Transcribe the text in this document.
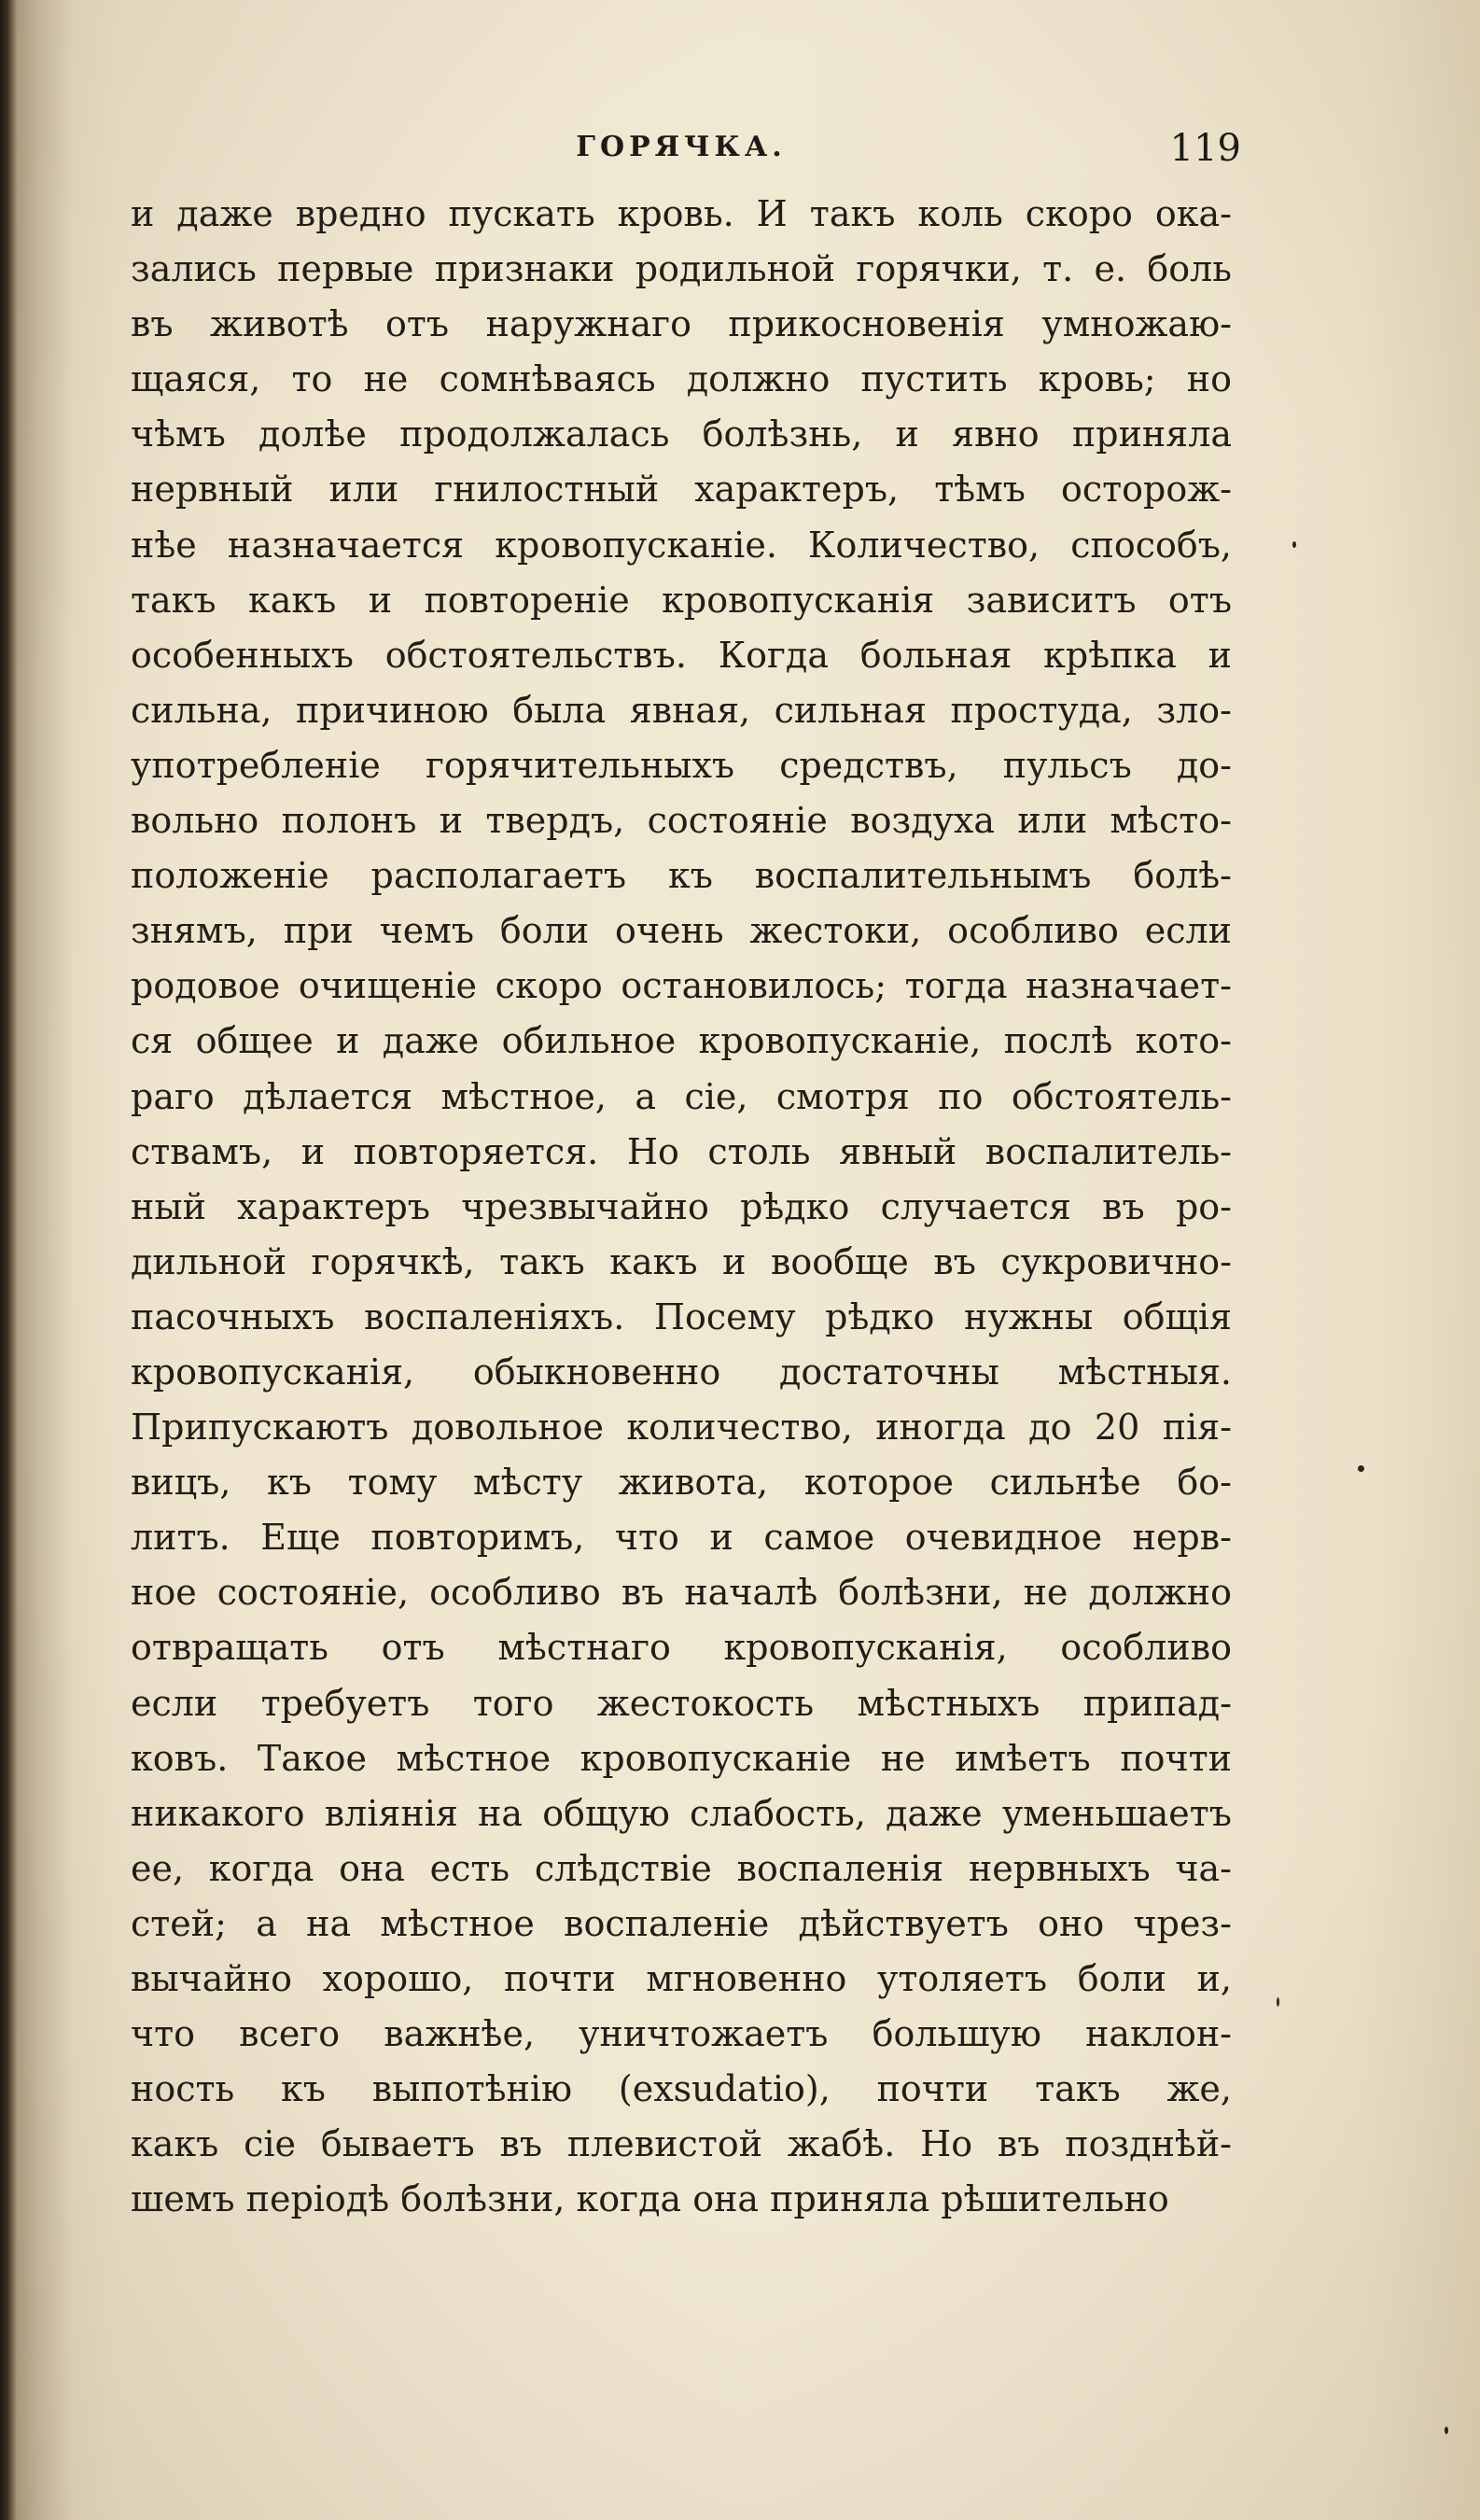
ГОРЯЧКА.	119
и даже вредно пускать кровь. И такъ коль скоро ока-
зались первые признаки родильной горячки, т. е. боль
въ животѣ отъ наружнаго прикосновенія умножаю-
щаяся, то не сомнѣваясь должно пустить кровь; но
чѣмъ долѣе продолжалась болѣзнь, и явно приняла
нервный или гнилостный характеръ, тѣмъ осторож-
нѣе назначается кровопусканіе. Количество, способъ,
такъ какъ и повтореніе кровопусканія зависитъ отъ
особенныхъ обстоятельствъ. Когда больная крѣпка и
сильна, причиною была явная, сильная простуда, зло-
употребленіе горячительныхъ средствъ, пульсъ до-
вольно полонъ и твердъ, состояніе воздуха или мѣсто-
положеніе располагаетъ къ воспалительнымъ болѣ-
знямъ, при чемъ боли очень жестоки, особливо если
родовое очищеніе скоро остановилось; тогда назначает-
ся общее и даже обильное кровопусканіе, послѣ кото-
раго дѣлается мѣстное, а сіе, смотря по обстоятель-
ствамъ, и повторяется. Но столь явный воспалитель-
ный характеръ чрезвычайно рѣдко случается въ ро-
дильной горячкѣ, такъ какъ и вообще въ сукровично-
пасочныхъ воспаленіяхъ. Посему рѣдко нужны общія
кровопусканія, обыкновенно достаточны мѣстныя.
Припускаютъ довольное количество, иногда до 20 пія-
вицъ, къ тому мѣсту живота, которое сильнѣе бо-
литъ. Еще повторимъ, что и самое очевидное нерв-
ное состояніе, особливо въ началѣ болѣзни, не должно
отвращать отъ мѣстнаго кровопусканія, особливо
если требуетъ того жестокость мѣстныхъ припад-
ковъ. Такое мѣстное кровопусканіе не имѣетъ почти
никакого вліянія на общую слабость, даже уменьшаетъ
ее, когда она есть слѣдствіе воспаленія нервныхъ ча-
стей; а на мѣстное воспаленіе дѣйствуетъ оно чрез-
вычайно хорошо, почти мгновенно утоляетъ боли и,
что всего важнѣе, уничтожаетъ большую наклон-
ность къ выпотѣнію (exsudatio), почти такъ же,
какъ сіе бываетъ въ плевистой жабѣ. Но въ позднѣй-
шемъ періодѣ болѣзни, когда она приняла рѣшительно
